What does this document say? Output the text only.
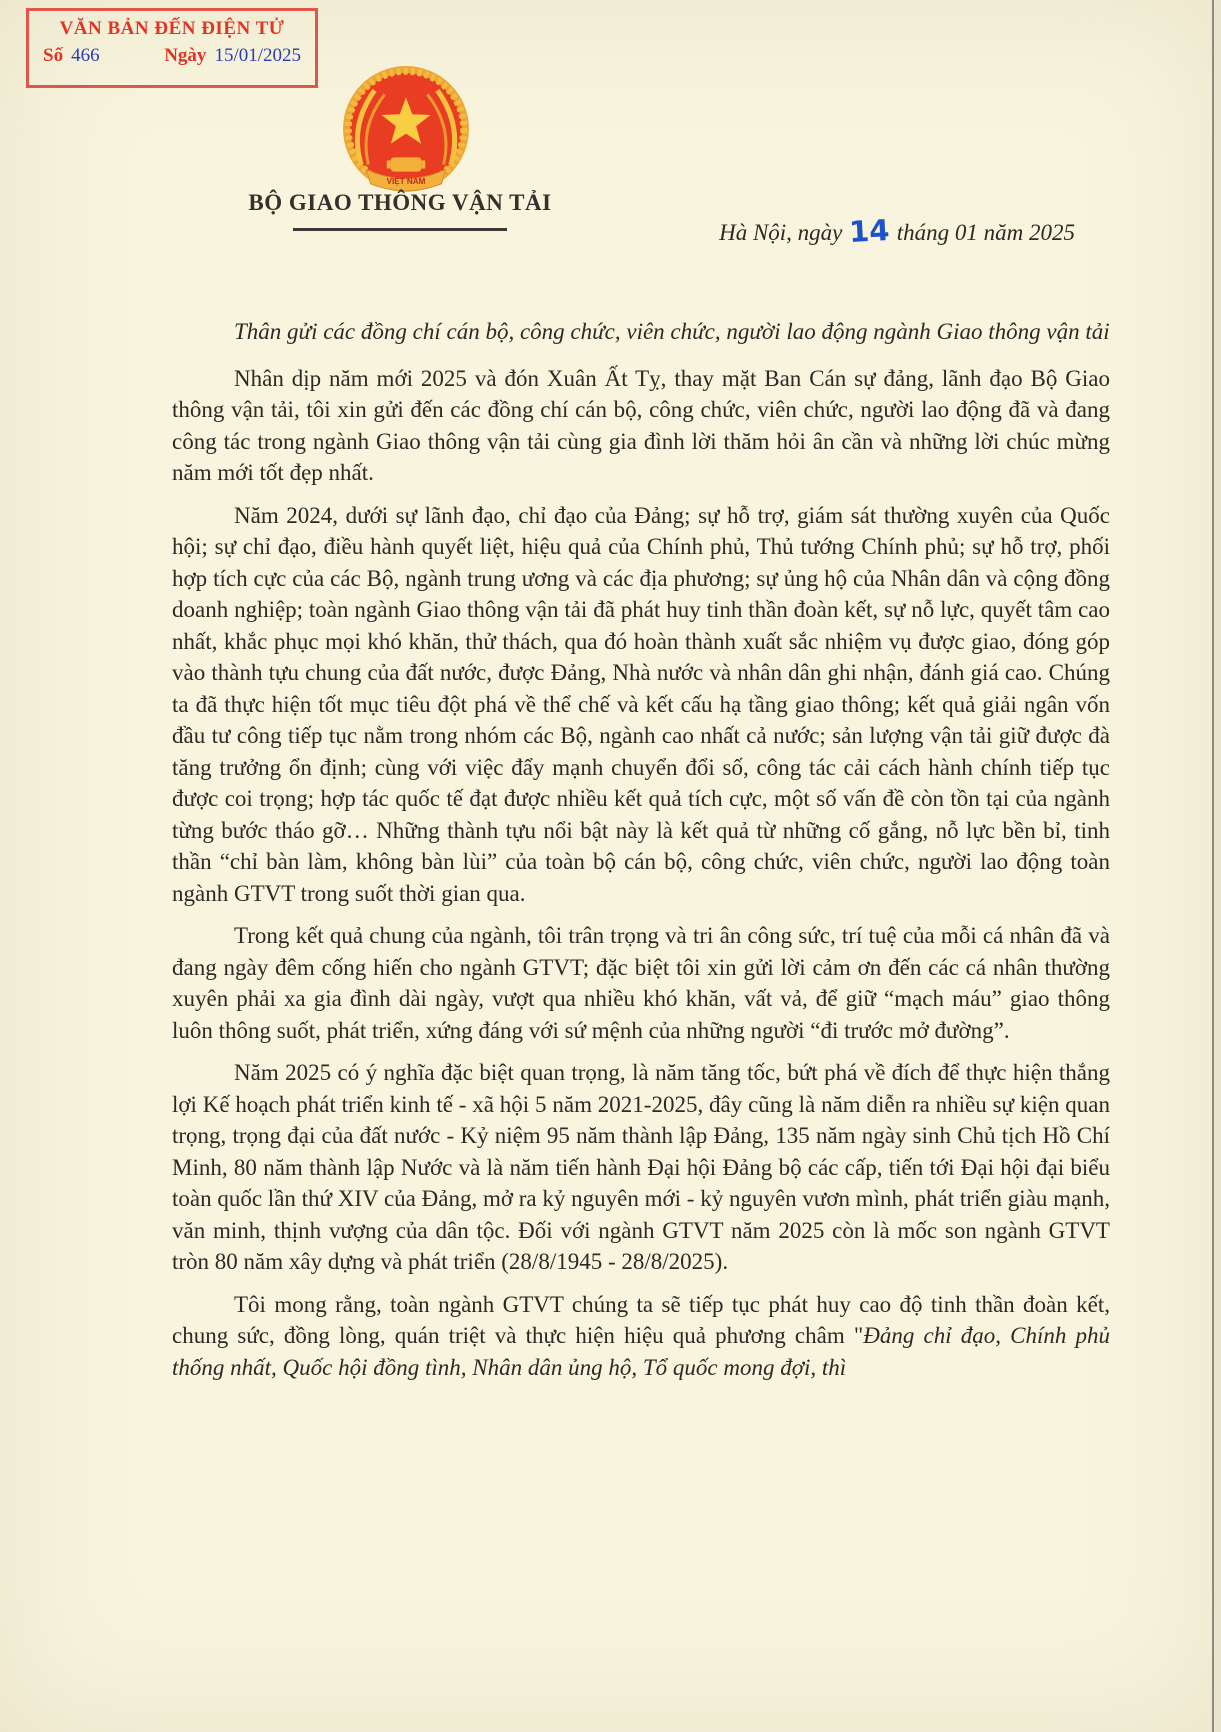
VĂN BẢN ĐẾN ĐIỆN TỬ
Số 466	Ngày 15/01/2025
VIỆT NAM
BỘ GIAO THÔNG VẬN TẢI
Hà Nội, ngày 14 tháng 01 năm 2025

Thân gửi các đồng chí cán bộ, công chức, viên chức, người lao động ngành Giao thông vận tải

Nhân dịp năm mới 2025 và đón Xuân Ất Tỵ, thay mặt Ban Cán sự đảng, lãnh đạo Bộ Giao thông vận tải, tôi xin gửi đến các đồng chí cán bộ, công chức, viên chức, người lao động đã và đang công tác trong ngành Giao thông vận tải cùng gia đình lời thăm hỏi ân cần và những lời chúc mừng năm mới tốt đẹp nhất.

Năm 2024, dưới sự lãnh đạo, chỉ đạo của Đảng; sự hỗ trợ, giám sát thường xuyên của Quốc hội; sự chỉ đạo, điều hành quyết liệt, hiệu quả của Chính phủ, Thủ tướng Chính phủ; sự hỗ trợ, phối hợp tích cực của các Bộ, ngành trung ương và các địa phương; sự ủng hộ của Nhân dân và cộng đồng doanh nghiệp; toàn ngành Giao thông vận tải đã phát huy tinh thần đoàn kết, sự nỗ lực, quyết tâm cao nhất, khắc phục mọi khó khăn, thử thách, qua đó hoàn thành xuất sắc nhiệm vụ được giao, đóng góp vào thành tựu chung của đất nước, được Đảng, Nhà nước và nhân dân ghi nhận, đánh giá cao. Chúng ta đã thực hiện tốt mục tiêu đột phá về thể chế và kết cấu hạ tầng giao thông; kết quả giải ngân vốn đầu tư công tiếp tục nằm trong nhóm các Bộ, ngành cao nhất cả nước; sản lượng vận tải giữ được đà tăng trưởng ổn định; cùng với việc đẩy mạnh chuyển đổi số, công tác cải cách hành chính tiếp tục được coi trọng; hợp tác quốc tế đạt được nhiều kết quả tích cực, một số vấn đề còn tồn tại của ngành từng bước tháo gỡ… Những thành tựu nổi bật này là kết quả từ những cố gắng, nỗ lực bền bỉ, tinh thần “chỉ bàn làm, không bàn lùi” của toàn bộ cán bộ, công chức, viên chức, người lao động toàn ngành GTVT trong suốt thời gian qua.

Trong kết quả chung của ngành, tôi trân trọng và tri ân công sức, trí tuệ của mỗi cá nhân đã và đang ngày đêm cống hiến cho ngành GTVT; đặc biệt tôi xin gửi lời cảm ơn đến các cá nhân thường xuyên phải xa gia đình dài ngày, vượt qua nhiều khó khăn, vất vả, để giữ “mạch máu” giao thông luôn thông suốt, phát triển, xứng đáng với sứ mệnh của những người “đi trước mở đường”.

Năm 2025 có ý nghĩa đặc biệt quan trọng, là năm tăng tốc, bứt phá về đích để thực hiện thắng lợi Kế hoạch phát triển kinh tế - xã hội 5 năm 2021-2025, đây cũng là năm diễn ra nhiều sự kiện quan trọng, trọng đại của đất nước - Kỷ niệm 95 năm thành lập Đảng, 135 năm ngày sinh Chủ tịch Hồ Chí Minh, 80 năm thành lập Nước và là năm tiến hành Đại hội Đảng bộ các cấp, tiến tới Đại hội đại biểu toàn quốc lần thứ XIV của Đảng, mở ra kỷ nguyên mới - kỷ nguyên vươn mình, phát triển giàu mạnh, văn minh, thịnh vượng của dân tộc. Đối với ngành GTVT năm 2025 còn là mốc son ngành GTVT tròn 80 năm xây dựng và phát triển (28/8/1945 - 28/8/2025).

Tôi mong rằng, toàn ngành GTVT chúng ta sẽ tiếp tục phát huy cao độ tinh thần đoàn kết, chung sức, đồng lòng, quán triệt và thực hiện hiệu quả phương châm "Đảng chỉ đạo, Chính phủ thống nhất, Quốc hội đồng tình, Nhân dân ủng hộ, Tổ quốc mong đợi, thì
